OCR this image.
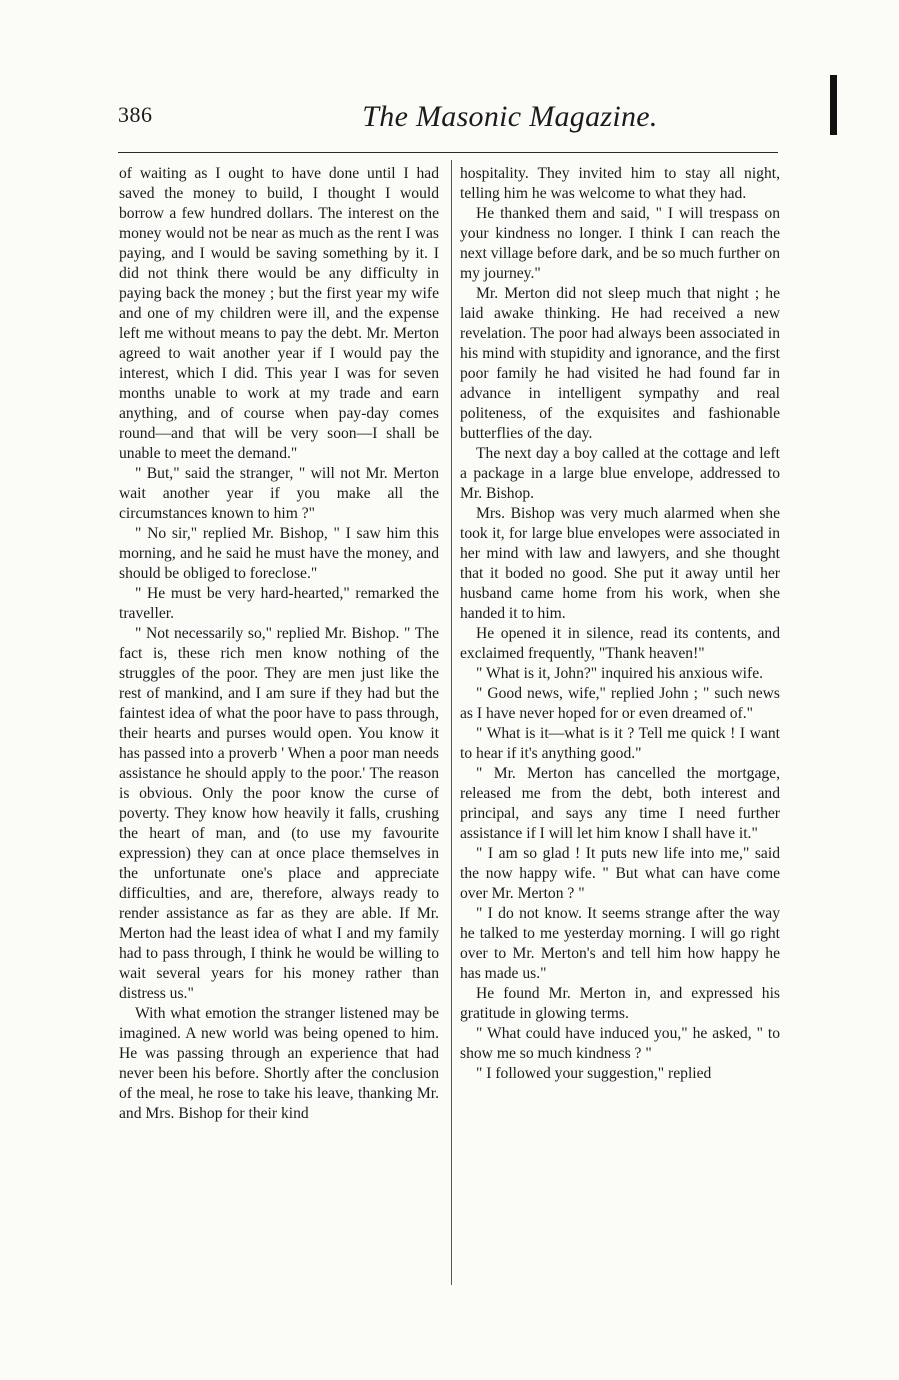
386	The Masonic Magazine.

of waiting as I ought to have done until I had saved the money to build, I thought I would borrow a few hundred dollars. The interest on the money would not be near as much as the rent I was paying, and I would be saving something by it. I did not think there would be any difficulty in paying back the money ; but the first year my wife and one of my children were ill, and the expense left me without means to pay the debt. Mr. Merton agreed to wait another year if I would pay the interest, which I did. This year I was for seven months unable to work at my trade and earn anything, and of course when pay-day comes round—and that will be very soon—I shall be unable to meet the demand."

" But," said the stranger, " will not Mr. Merton wait another year if you make all the circumstances known to him ?"

" No sir," replied Mr. Bishop, " I saw him this morning, and he said he must have the money, and should be obliged to foreclose."

" He must be very hard-hearted," remarked the traveller.

" Not necessarily so," replied Mr. Bishop. " The fact is, these rich men know nothing of the struggles of the poor. They are men just like the rest of mankind, and I am sure if they had but the faintest idea of what the poor have to pass through, their hearts and purses would open. You know it has passed into a proverb ' When a poor man needs assistance he should apply to the poor.' The reason is obvious. Only the poor know the curse of poverty. They know how heavily it falls, crushing the heart of man, and (to use my favourite expression) they can at once place themselves in the unfortunate one's place and appreciate difficulties, and are, therefore, always ready to render assistance as far as they are able. If Mr. Merton had the least idea of what I and my family had to pass through, I think he would be willing to wait several years for his money rather than distress us."

With what emotion the stranger listened may be imagined. A new world was being opened to him. He was passing through an experience that had never been his before. Shortly after the conclusion of the meal, he rose to take his leave, thanking Mr. and Mrs. Bishop for their kind

hospitality. They invited him to stay all night, telling him he was welcome to what they had.

He thanked them and said, " I will trespass on your kindness no longer. I think I can reach the next village before dark, and be so much further on my journey."

Mr. Merton did not sleep much that night ; he laid awake thinking. He had received a new revelation. The poor had always been associated in his mind with stupidity and ignorance, and the first poor family he had visited he had found far in advance in intelligent sympathy and real politeness, of the exquisites and fashionable butterflies of the day.

The next day a boy called at the cottage and left a package in a large blue envelope, addressed to Mr. Bishop.

Mrs. Bishop was very much alarmed when she took it, for large blue envelopes were associated in her mind with law and lawyers, and she thought that it boded no good. She put it away until her husband came home from his work, when she handed it to him.

He opened it in silence, read its contents, and exclaimed frequently, "Thank heaven!"

" What is it, John?" inquired his anxious wife.

" Good news, wife," replied John ; " such news as I have never hoped for or even dreamed of."

" What is it—what is it ? Tell me quick ! I want to hear if it's anything good."

" Mr. Merton has cancelled the mortgage, released me from the debt, both interest and principal, and says any time I need further assistance if I will let him know I shall have it."

" I am so glad ! It puts new life into me," said the now happy wife. " But what can have come over Mr. Merton ? "

" I do not know. It seems strange after the way he talked to me yesterday morning. I will go right over to Mr. Merton's and tell him how happy he has made us."

He found Mr. Merton in, and expressed his gratitude in glowing terms.

" What could have induced you," he asked, " to show me so much kindness ? "

" I followed your suggestion," replied
